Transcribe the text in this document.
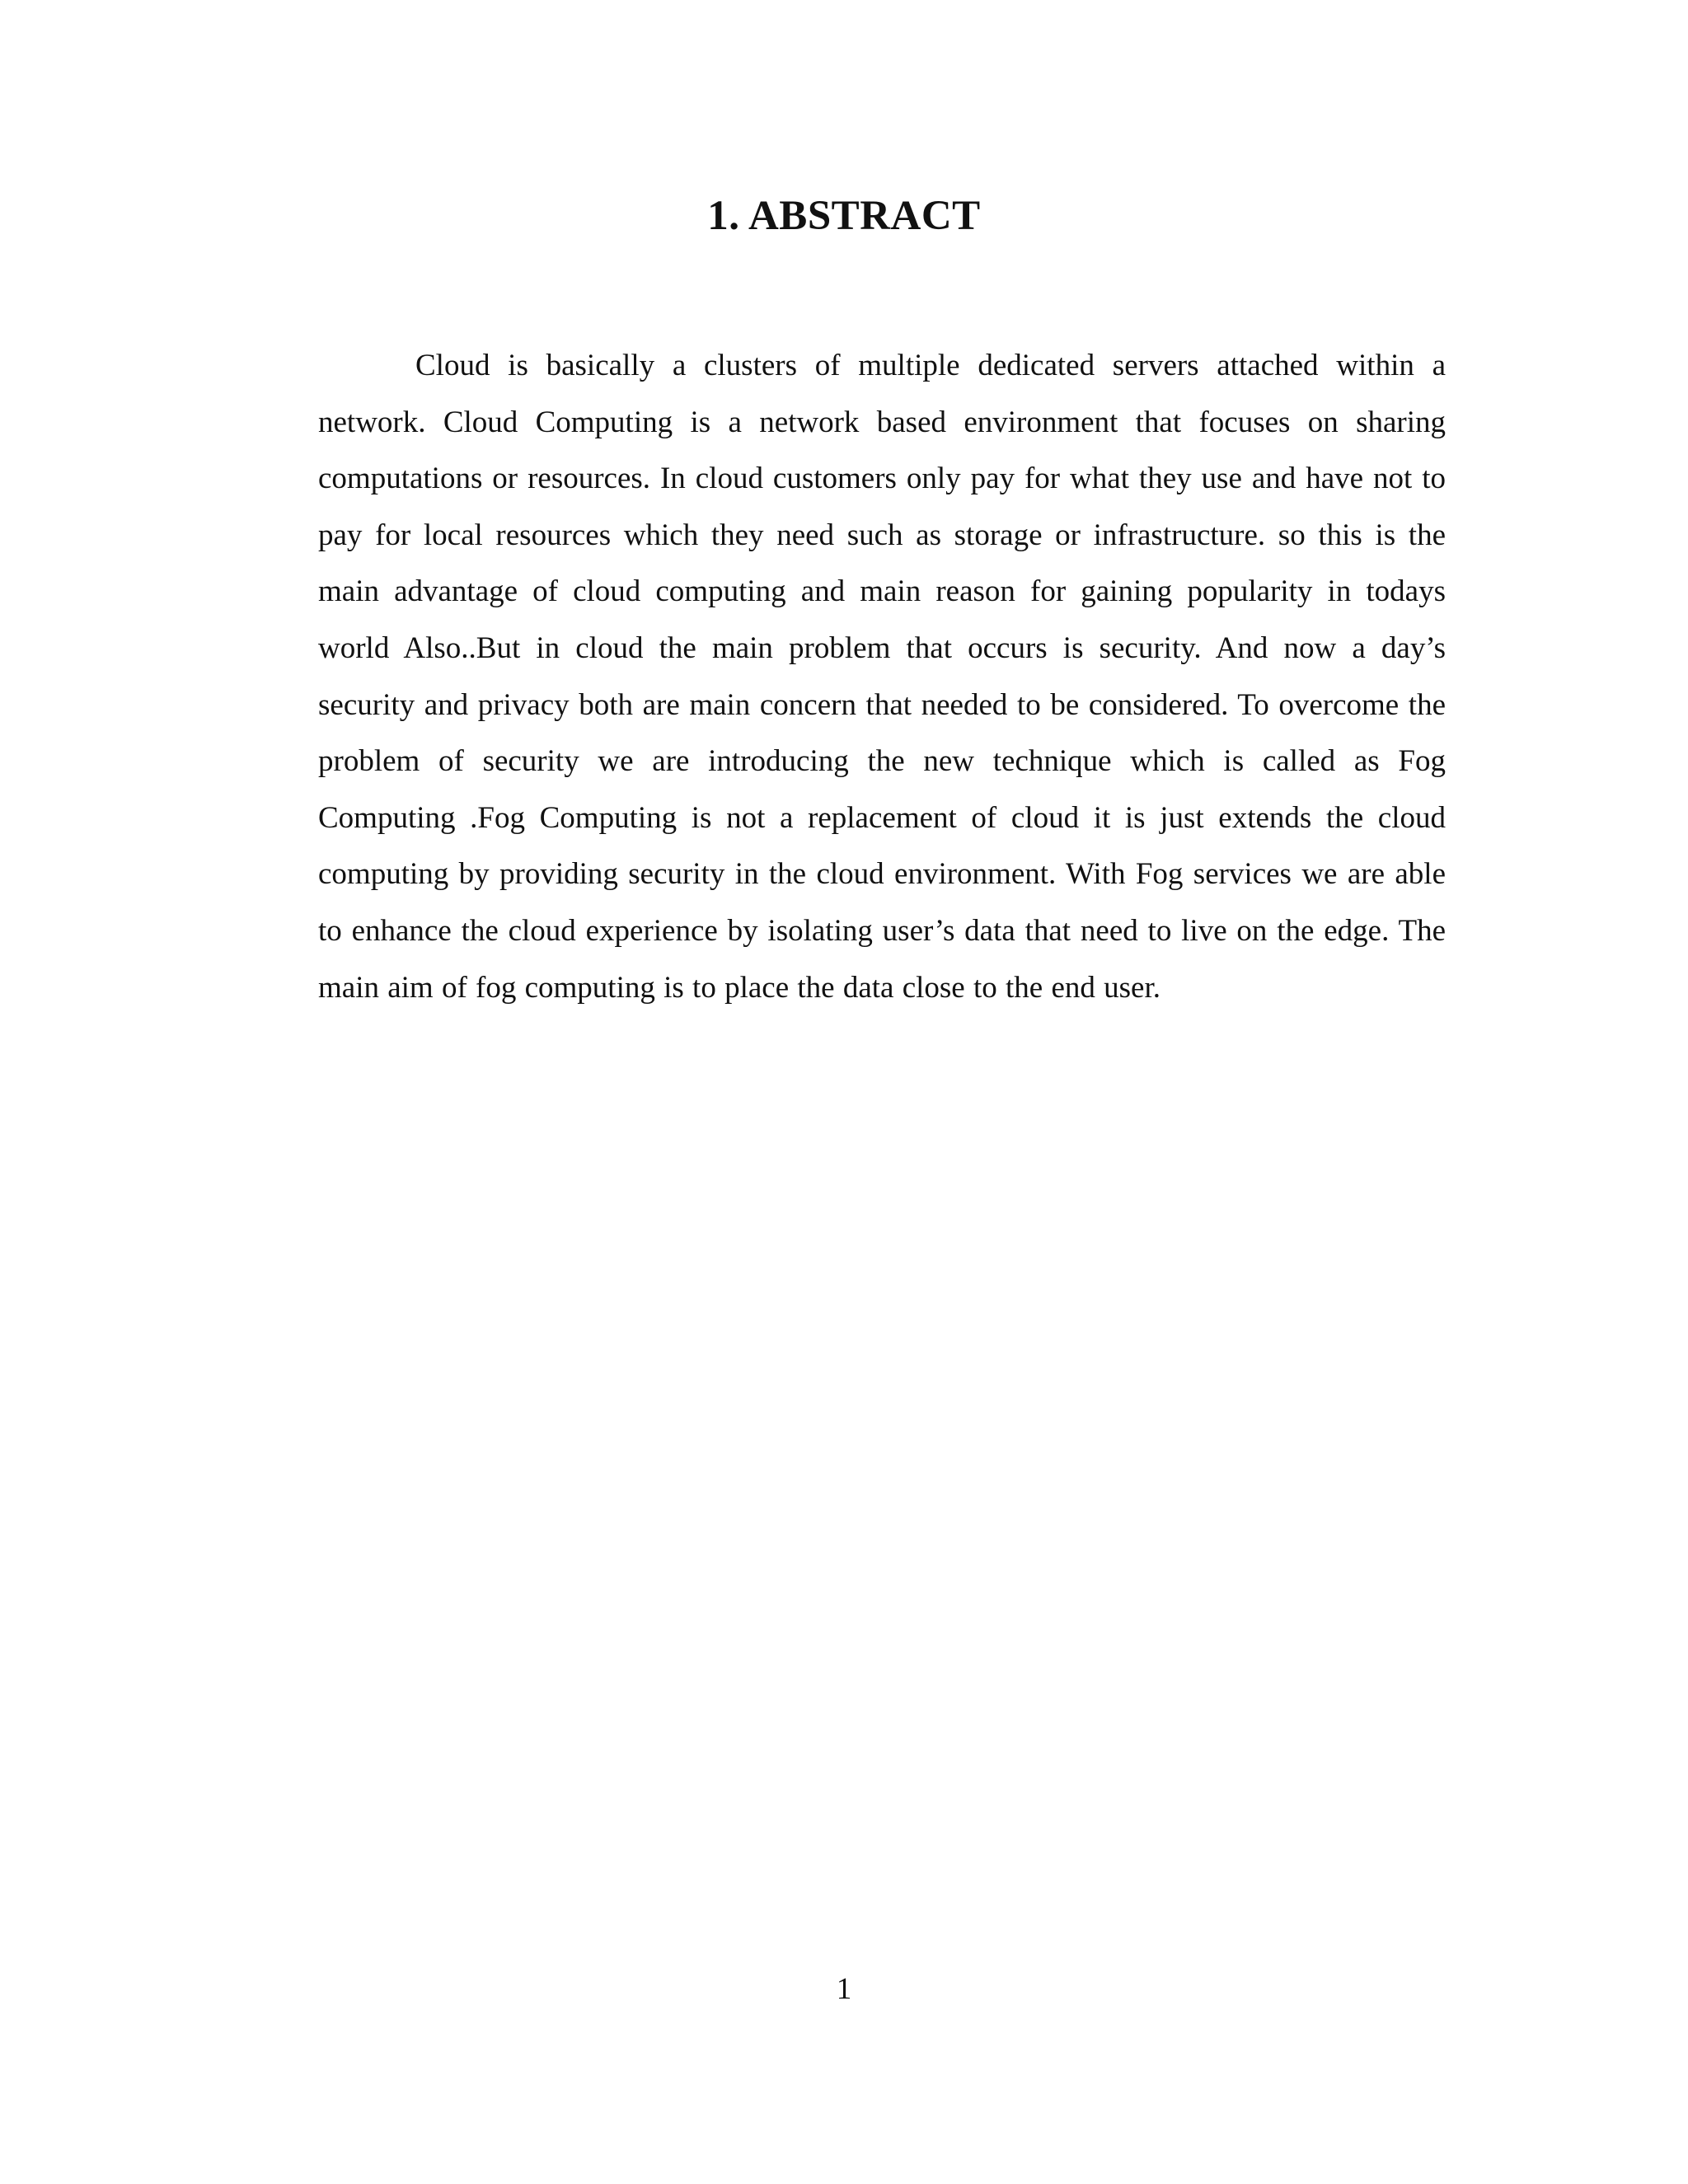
1. ABSTRACT

Cloud is basically a clusters of multiple dedicated servers attached within a network. Cloud Computing is a network based environment that focuses on sharing computations or resources. In cloud customers only pay for what they use and have not to pay for local resources which they need such as storage or infrastructure. so this is the main advantage of cloud computing and main reason for gaining popularity in todays world Also..But in cloud the main problem that occurs is security. And now a day’s security and privacy both are main concern that needed to be considered. To overcome the problem of security we are introducing the new technique which is called as Fog Computing .Fog Computing is not a replacement of cloud it is just extends the cloud computing by providing security in the cloud environment. With Fog services we are able to enhance the cloud experience by isolating user’s data that need to live on the edge. The main aim of fog computing is to place the data close to the end user.

1
